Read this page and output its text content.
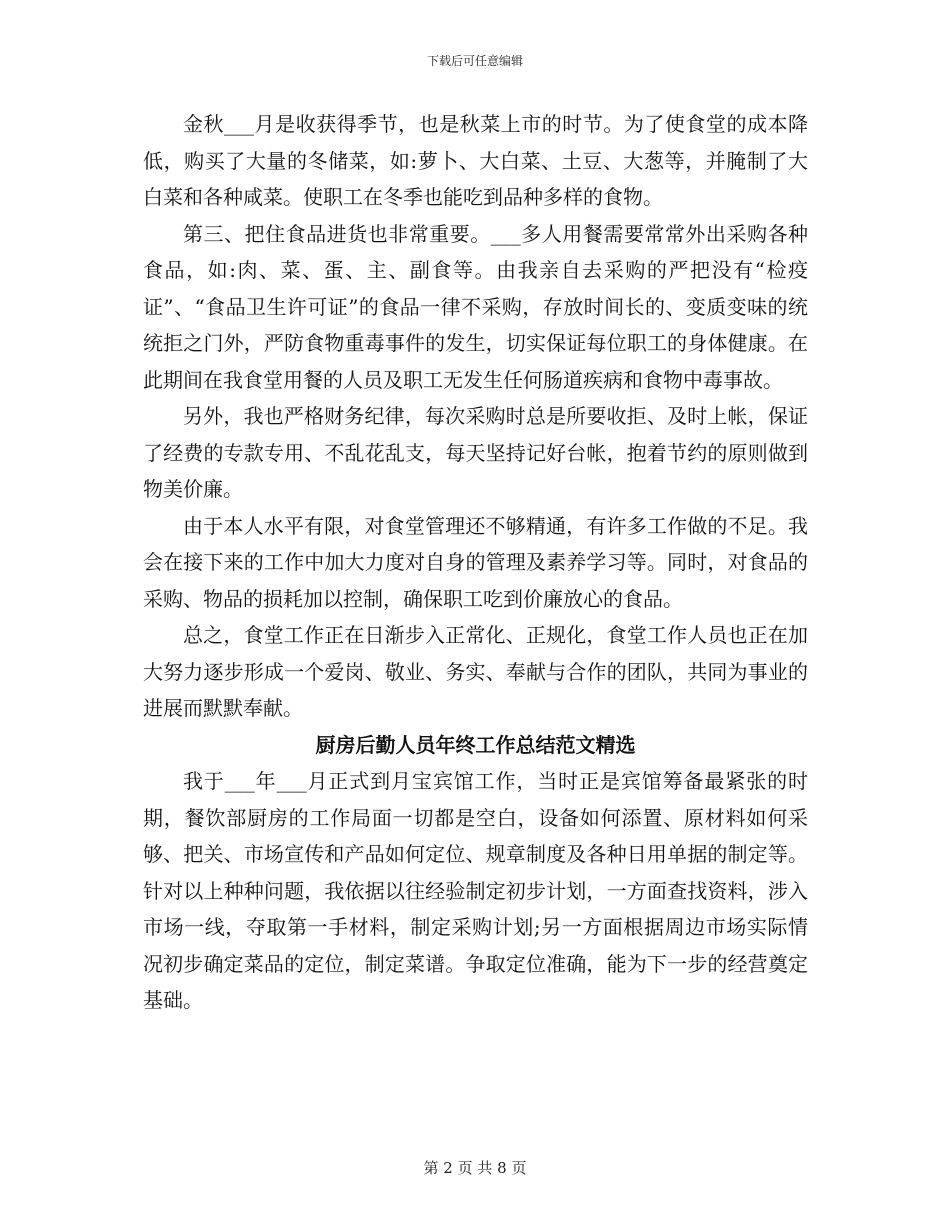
下载后可任意编辑

金秋___月是收获得季节，也是秋菜上市的时节。为了使食堂的成本降低，购买了大量的冬储菜，如:萝卜、大白菜、土豆、大葱等，并腌制了大白菜和各种咸菜。使职工在冬季也能吃到品种多样的食物。

第三、把住食品进货也非常重要。___多人用餐需要常常外出采购各种食品，如:肉、菜、蛋、主、副食等。由我亲自去采购的严把没有“检疫证”、“食品卫生许可证”的食品一律不采购，存放时间长的、变质变味的统统拒之门外，严防食物重毒事件的发生，切实保证每位职工的身体健康。在此期间在我食堂用餐的人员及职工无发生任何肠道疾病和食物中毒事故。

另外，我也严格财务纪律，每次采购时总是所要收拒、及时上帐，保证了经费的专款专用、不乱花乱支，每天坚持记好台帐，抱着节约的原则做到物美价廉。

由于本人水平有限，对食堂管理还不够精通，有许多工作做的不足。我会在接下来的工作中加大力度对自身的管理及素养学习等。同时，对食品的采购、物品的损耗加以控制，确保职工吃到价廉放心的食品。

总之，食堂工作正在日渐步入正常化、正规化，食堂工作人员也正在加大努力逐步形成一个爱岗、敬业、务实、奉献与合作的团队，共同为事业的进展而默默奉献。

厨房后勤人员年终工作总结范文精选

我于___年___月正式到月宝宾馆工作，当时正是宾馆筹备最紧张的时期，餐饮部厨房的工作局面一切都是空白，设备如何添置、原材料如何采够、把关、市场宣传和产品如何定位、规章制度及各种日用单据的制定等。针对以上种种问题，我依据以往经验制定初步计划，一方面查找资料，涉入市场一线，夺取第一手材料，制定采购计划;另一方面根据周边市场实际情况初步确定菜品的定位，制定菜谱。争取定位准确，能为下一步的经营奠定基础。

第 2 页 共 8 页
